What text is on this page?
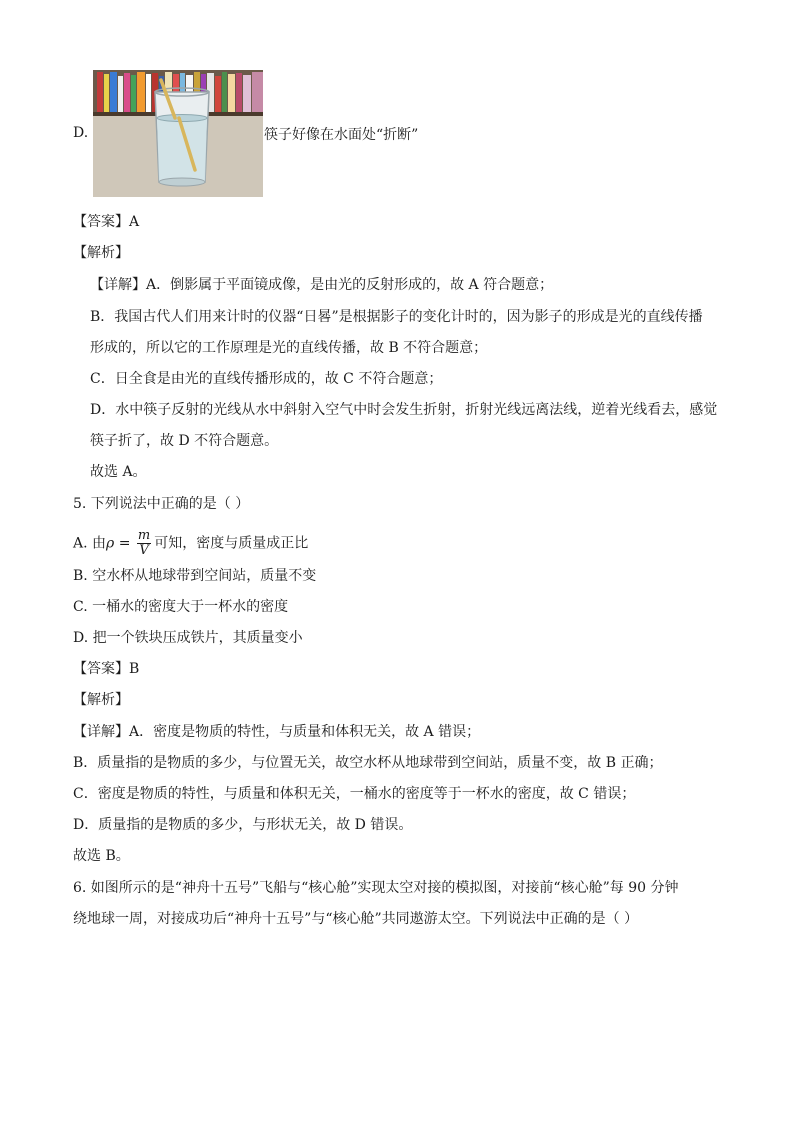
D.	筷子好像在水面处“折断”
【答案】A
【解析】
【详解】A．倒影属于平面镜成像，是由光的反射形成的，故 A 符合题意；
B．我国古代人们用来计时的仪器“日晷”是根据影子的变化计时的，因为影子的形成是光的直线传播
形成的，所以它的工作原理是光的直线传播，故 B 不符合题意；
C．日全食是由光的直线传播形成的，故 C 不符合题意；
D．水中筷子反射的光线从水中斜射入空气中时会发生折射，折射光线远离法线，逆着光线看去，感觉
筷子折了，故 D 不符合题意。
故选 A。
5. 下列说法中正确的是（ ）
A. 由$\rho = \frac{m}{V}$ 可知，密度与质量成正比
B. 空水杯从地球带到空间站，质量不变
C. 一桶水的密度大于一杯水的密度
D. 把一个铁块压成铁片，其质量变小
【答案】B
【解析】
【详解】A．密度是物质的特性，与质量和体积无关，故 A 错误；
B．质量指的是物质的多少，与位置无关，故空水杯从地球带到空间站，质量不变，故 B 正确；
C．密度是物质的特性，与质量和体积无关，一桶水的密度等于一杯水的密度，故 C 错误；
D．质量指的是物质的多少，与形状无关，故 D 错误。
故选 B。
6. 如图所示的是“神舟十五号”飞船与“核心舱”实现太空对接的模拟图，对接前“核心舱”每 90 分钟
绕地球一周，对接成功后“神舟十五号”与“核心舱”共同遨游太空。下列说法中正确的是（ ）
